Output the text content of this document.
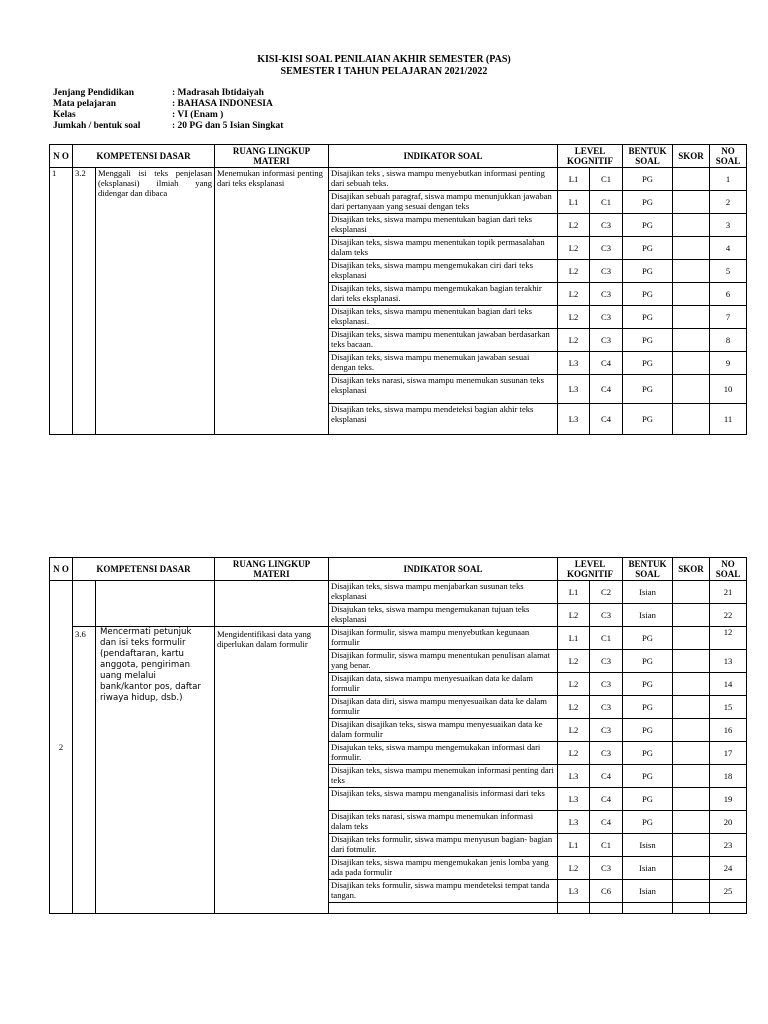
KISI-KISI SOAL PENILAIAN AKHIR SEMESTER (PAS)
SEMESTER I TAHUN PELAJARAN 2021/2022
Jenjang Pendidikan	: Madrasah Ibtidaiyah
Mata pelajaran	: BAHASA INDONESIA
Kelas	: VI (Enam )
Jumkah / bentuk soal	: 20 PG dan 5 Isian Singkat
N O	KOMPETENSI DASAR		RUANG LINGKUP MATERI	INDIKATOR SOAL	LEVEL KOGNITIF		BENTUK SOAL	SKOR	NO SOAL
1	3.2	Menggali isi teks penjelasan (eksplanasi) ilmiah yang didengar dan dibaca	Menemukan informasi penting dari teks eksplanasi	Disajikan teks , siswa mampu menyebutkan informasi penting dari sebuah teks.	L1	C1	PG		1
				Disajikan sebuah paragraf, siswa mampu menunjukkan jawaban dari pertanyaan yang sesuai dengan teks	L1	C1	PG		2
				Disajikan teks, siswa mampu menentukan bagian dari teks eksplanasi	L2	C3	PG		3
				Disajikan teks, siswa mampu menentukan topik permasalahan dalam teks	L2	C3	PG		4
				Disajikan teks, siswa mampu mengemukakan ciri dari teks eksplanasi	L2	C3	PG		5
				Disajikan teks, siswa mampu mengemukakan bagian terakhir dari teks eksplanasi.	L2	C3	PG		6
				Disajikan teks, siswa mampu menentukan bagian dari teks eksplanasi.	L2	C3	PG		7
				Disajikan teks, siswa mampu menentukan jawaban berdasarkan teks bacaan.	L2	C3	PG		8
				Disajikan teks, siswa mampu menemukan jawaban sesuai dengan teks.	L3	C4	PG		9
				Disajikan teks narasi, siswa mampu menemukan susunan teks eksplanasi	L3	C4	PG		10
				Disajikan teks, siswa mampu mendeteksi bagian akhir teks eksplanasi	L3	C4	PG		11
N O	KOMPETENSI DASAR		RUANG LINGKUP MATERI	INDIKATOR SOAL	LEVEL KOGNITIF		BENTUK SOAL	SKOR	NO SOAL	
2				Disajikan teks, siswa mampu menjabarkan susunan teks eksplanasi	L1	C2	Isian		21	
				Disajukan teks, siswa mampu mengemukanan tujuan teks eksplanasi	L2	C3	Isian		22	
	3.6	Mencermati petunjuk dan isi teks formulir (pendaftaran, kartu anggota, pengiriman uang melalui bank/kantor pos, daftar riwaya hidup, dsb.)	Mengidentifikasi data yang diperlukan dalam formulir	Disajikan formulir, siswa mampu menyebutkan kegunaan formulir	L1	C1	PG		12	
				Disajikan formulir, siswa mampu menentukan penulisan alamat yang benar.	L2	C3	PG		13	
				Disajikan data, siswa mampu menyesuaikan data ke dalam formulir	L2	C3	PG		14	
				Disajikan data diri, siswa mampu menyesuaikan data ke dalam formulir	L2	C3	PG		15	
				Disajikan disajikan teks, siswa mampu menyesuaikan data ke dalam formulir	L2	C3	PG		16	
				Disajukan teks, siswa mampu mengemukakan informasi dari formulir.	L2	C3	PG		17	
				Disajikan teks, siswa mampu menemukan informasi penting dari teks	L3	C4	PG		18	
				Disajikan teks, siswa mampu menganalisis informasi dari teks	L3	C4	PG		19	
				Disajikan teks narasi, siswa mampu menemukan informasi dalam teks	L3	C4	PG		20	
				Disajikan teks formulir, siswa mampu menyusun bagian- bagian dari fotmulir.	L1	C1	Isisn		23	
				Disajikan teks, siswa mampu mengemukakan jenis lomba yang ada pada formulir	L2	C3	Isian		24	
				Disajikan teks formulir, siswa mampu mendeteksi tempat tanda tangan.	L3	C6	Isian		25	
